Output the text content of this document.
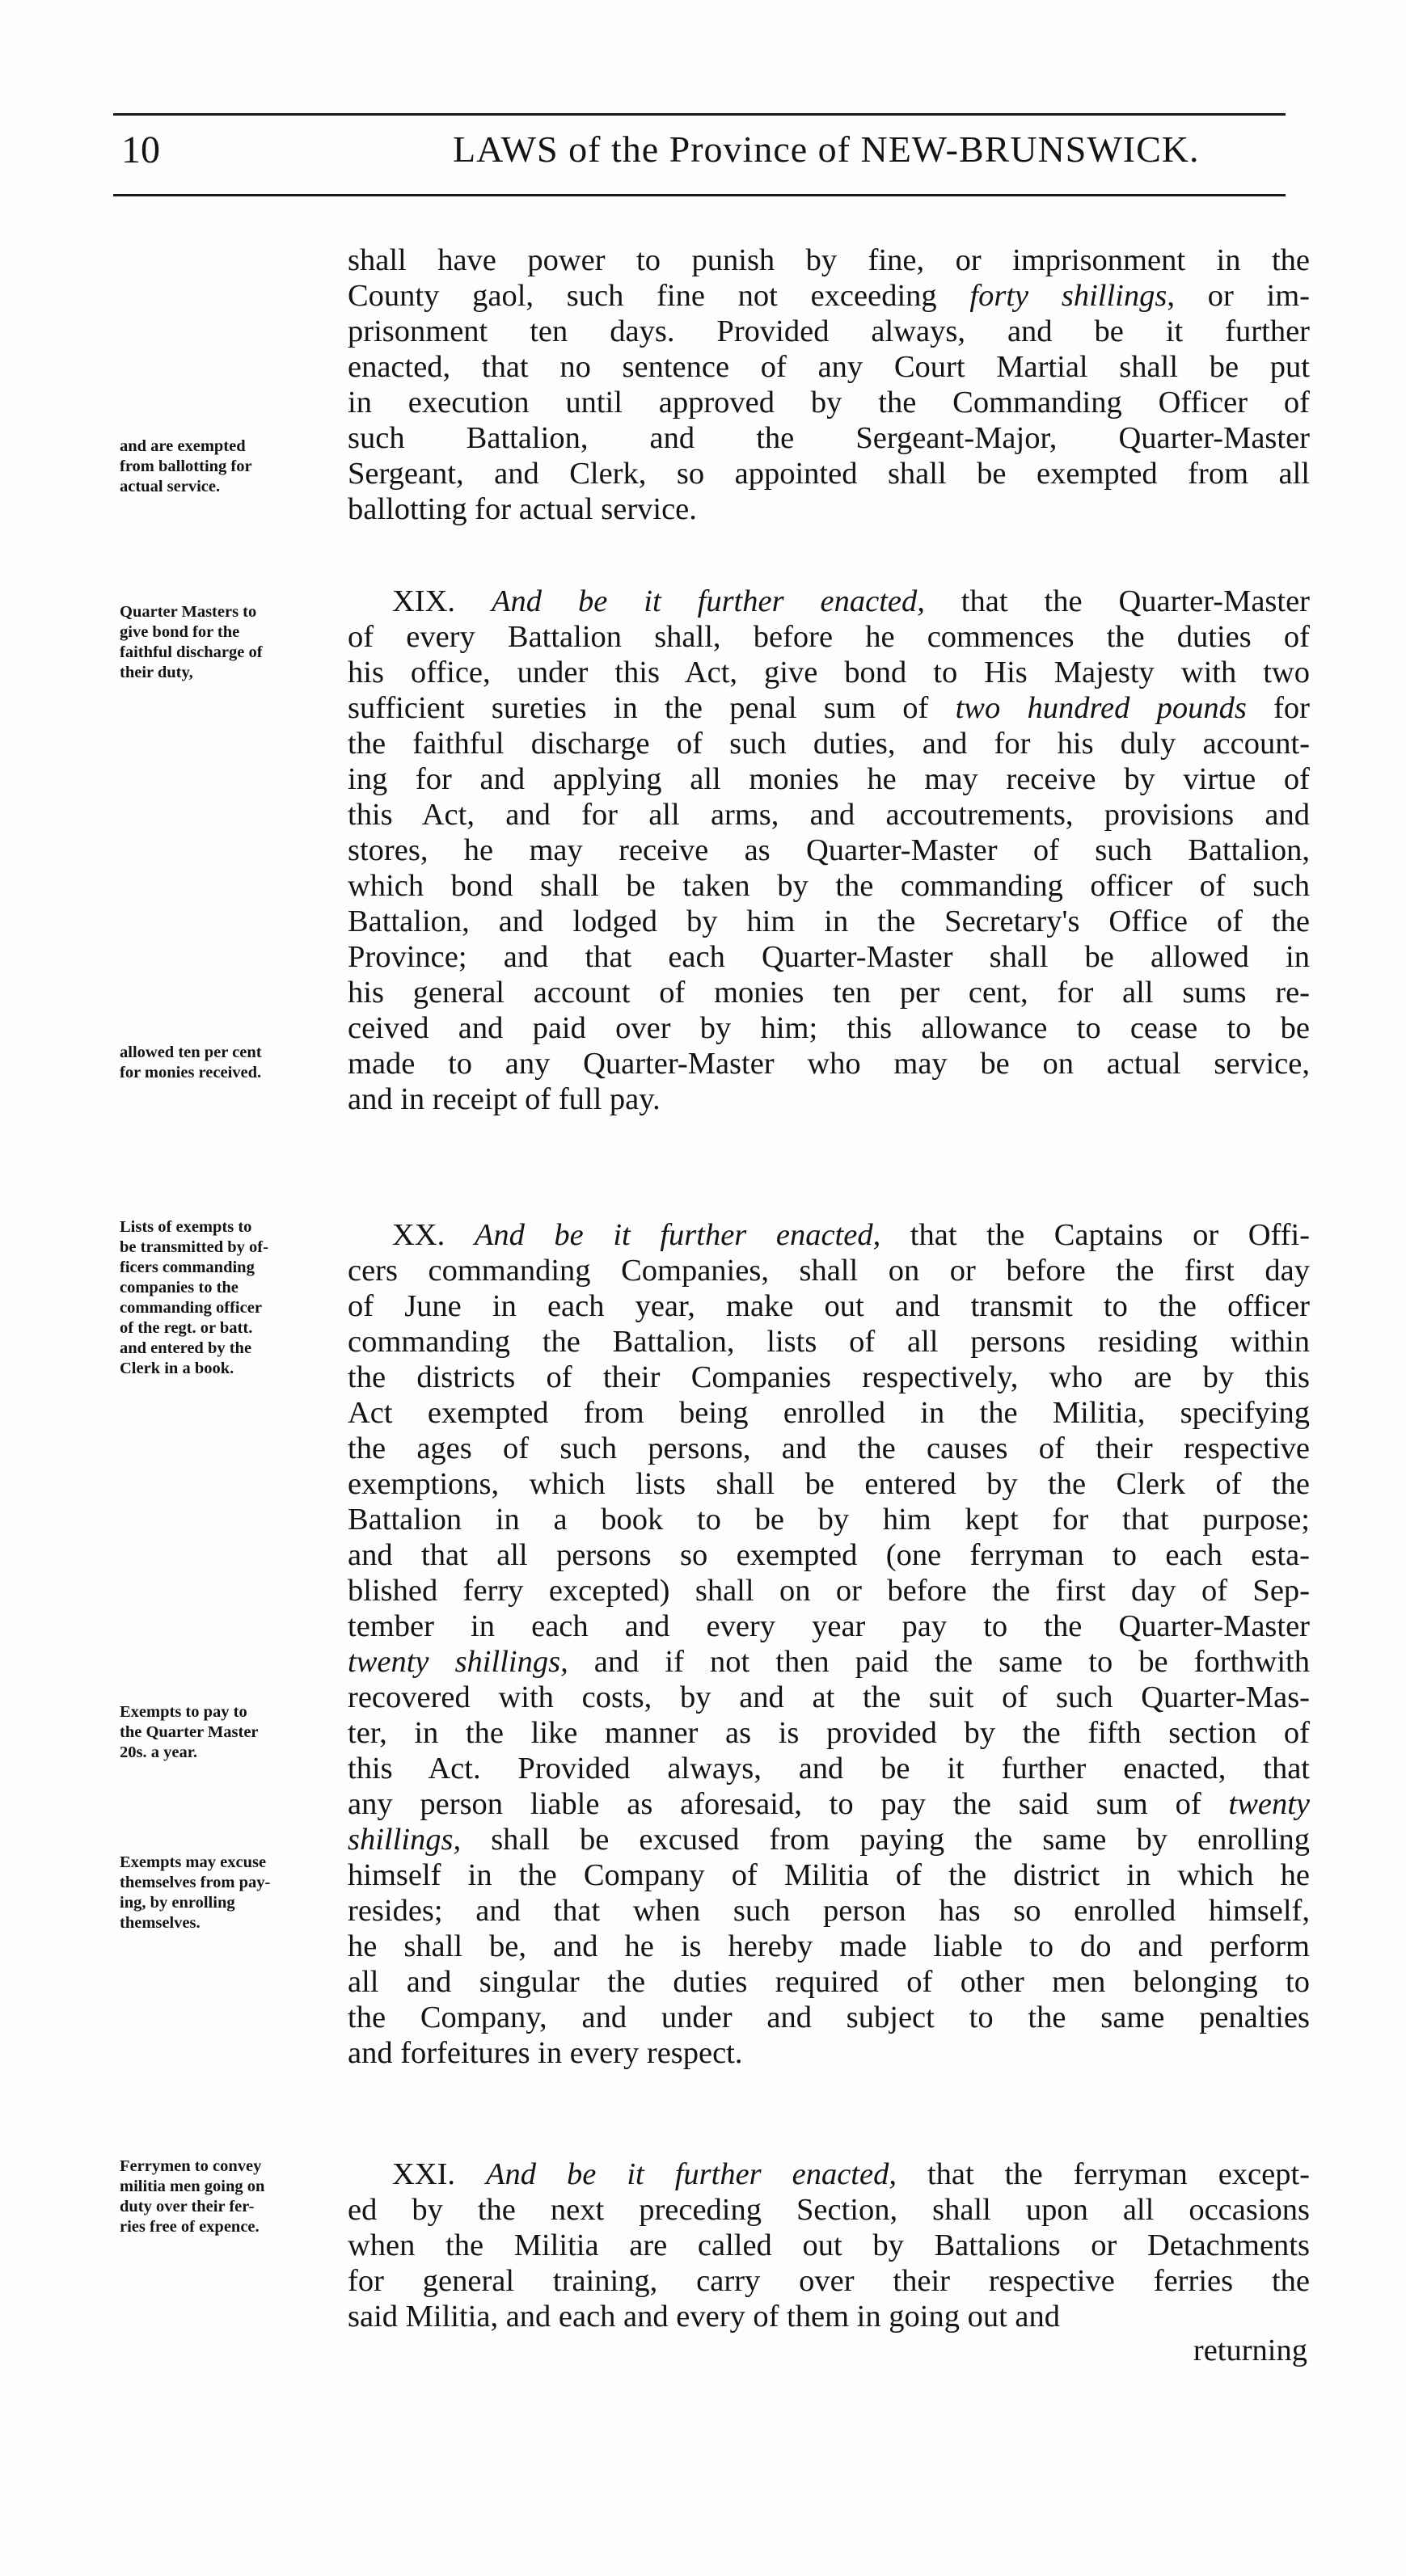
10	LAWS of the Province of NEW-BRUNSWICK.
shall have power to punish by fine, or imprisonment in the
County gaol, such fine not exceeding forty shillings, or im-
prisonment ten days. Provided always, and be it further
enacted, that no sentence of any Court Martial shall be put
in execution until approved by the Commanding Officer of
such Battalion, and the Sergeant-Major, Quarter-Master
Sergeant, and Clerk, so appointed shall be exempted from all
ballotting for actual service.
XIX. And be it further enacted, that the Quarter-Master
of every Battalion shall, before he commences the duties of
his office, under this Act, give bond to His Majesty with two
sufficient sureties in the penal sum of two hundred pounds for
the faithful discharge of such duties, and for his duly account-
ing for and applying all monies he may receive by virtue of
this Act, and for all arms, and accoutrements, provisions and
stores, he may receive as Quarter-Master of such Battalion,
which bond shall be taken by the commanding officer of such
Battalion, and lodged by him in the Secretary's Office of the
Province; and that each Quarter-Master shall be allowed in
his general account of monies ten per cent, for all sums re-
ceived and paid over by him; this allowance to cease to be
made to any Quarter-Master who may be on actual service,
and in receipt of full pay.
XX. And be it further enacted, that the Captains or Offi-
cers commanding Companies, shall on or before the first day
of June in each year, make out and transmit to the officer
commanding the Battalion, lists of all persons residing within
the districts of their Companies respectively, who are by this
Act exempted from being enrolled in the Militia, specifying
the ages of such persons, and the causes of their respective
exemptions, which lists shall be entered by the Clerk of the
Battalion in a book to be by him kept for that purpose;
and that all persons so exempted (one ferryman to each esta-
blished ferry excepted) shall on or before the first day of Sep-
tember in each and every year pay to the Quarter-Master
twenty shillings, and if not then paid the same to be forthwith
recovered with costs, by and at the suit of such Quarter-Mas-
ter, in the like manner as is provided by the fifth section of
this Act. Provided always, and be it further enacted, that
any person liable as aforesaid, to pay the said sum of twenty
shillings, shall be excused from paying the same by enrolling
himself in the Company of Militia of the district in which he
resides; and that when such person has so enrolled himself,
he shall be, and he is hereby made liable to do and perform
all and singular the duties required of other men belonging to
the Company, and under and subject to the same penalties
and forfeitures in every respect.
XXI. And be it further enacted, that the ferryman except-
ed by the next preceding Section, shall upon all occasions
when the Militia are called out by Battalions or Detachments
for general training, carry over their respective ferries the
said Militia, and each and every of them in going out and
and are exempted
from ballotting for
actual service.
Quarter Masters to
give bond for the
faithful discharge of
their duty,
allowed ten per cent
for monies received.
Lists of exempts to
be transmitted by of-
ficers commanding
companies to the
commanding officer
of the regt. or batt.
and entered by the
Clerk in a book.
Exempts to pay to
the Quarter Master
20s. a year.
Exempts may excuse
themselves from pay-
ing, by enrolling
themselves.
Ferrymen to convey
militia men going on
duty over their fer-
ries free of expence.
returning
